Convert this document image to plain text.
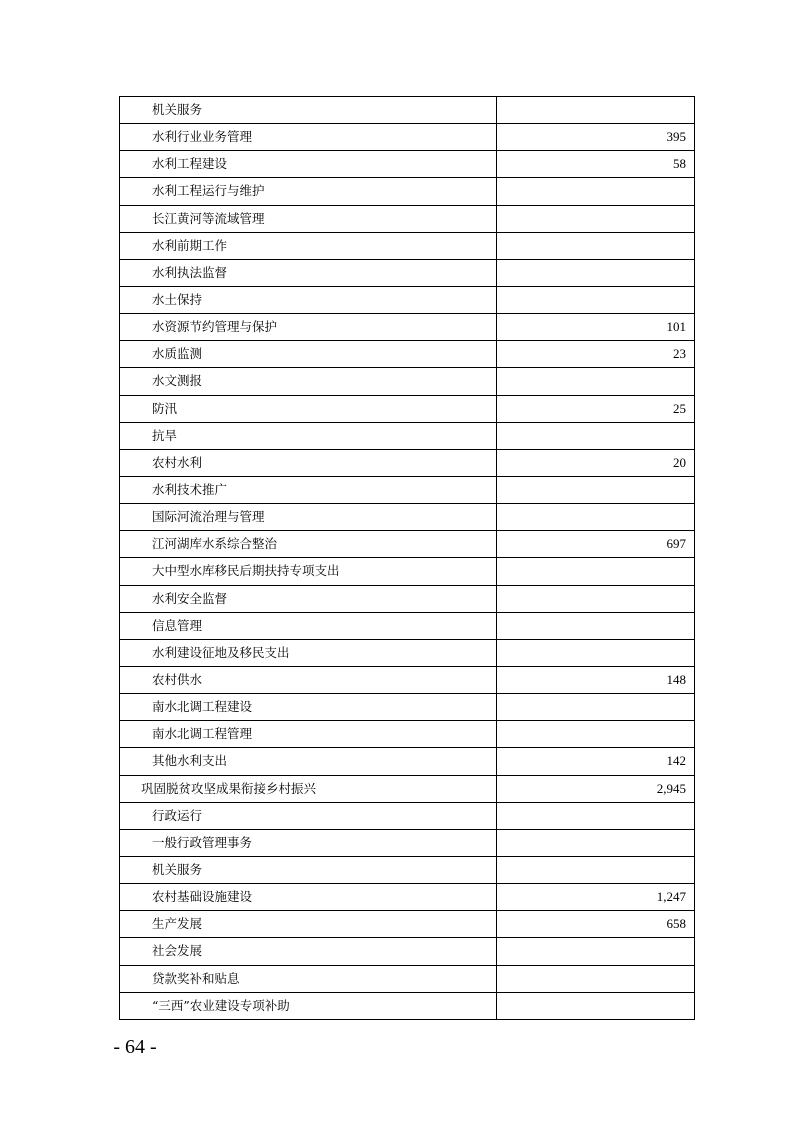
机关服务	
水利行业业务管理	395
水利工程建设	58
水利工程运行与维护	
长江黄河等流域管理	
水利前期工作	
水利执法监督	
水土保持	
水资源节约管理与保护	101
水质监测	23
水文测报	
防汛	25
抗旱	
农村水利	20
水利技术推广	
国际河流治理与管理	
江河湖库水系综合整治	697
大中型水库移民后期扶持专项支出	
水利安全监督	
信息管理	
水利建设征地及移民支出	
农村供水	148
南水北调工程建设	
南水北调工程管理	
其他水利支出	142
巩固脱贫攻坚成果衔接乡村振兴	2,945
行政运行	
一般行政管理事务	
机关服务	
农村基础设施建设	1,247
生产发展	658
社会发展	
贷款奖补和贴息	
“三西”农业建设专项补助	
- 64 -
